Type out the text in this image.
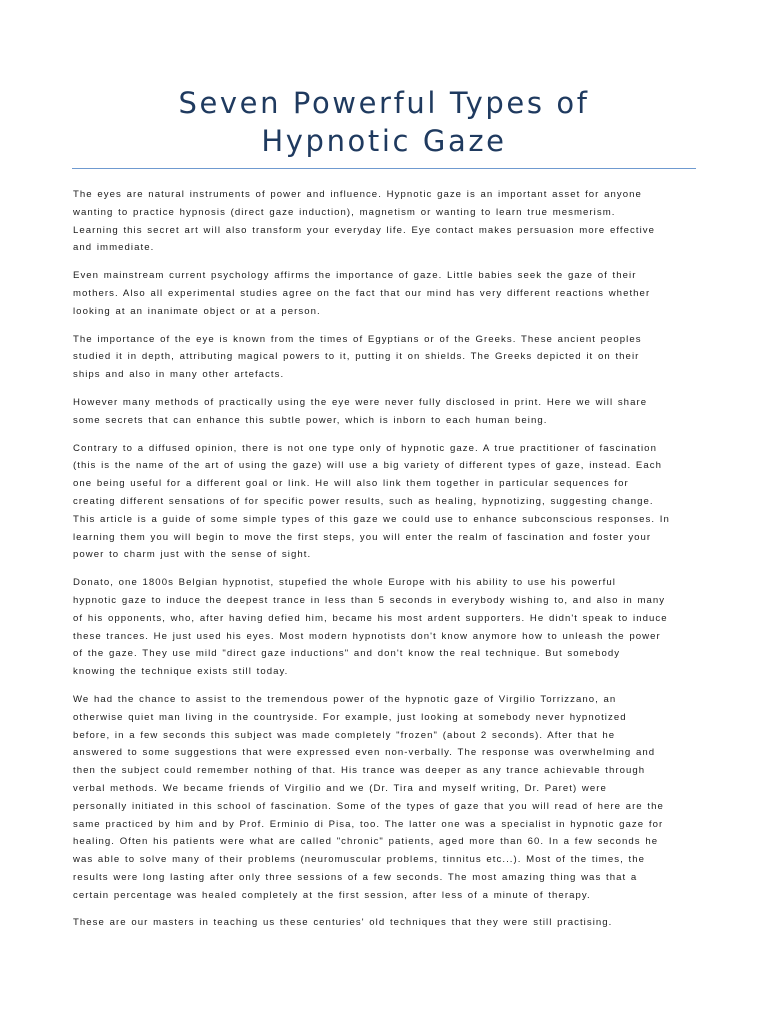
Seven Powerful Types of
Hypnotic Gaze

The eyes are natural instruments of power and influence. Hypnotic gaze is an important asset for anyone
wanting to practice hypnosis (direct gaze induction), magnetism or wanting to learn true mesmerism.
Learning this secret art will also transform your everyday life. Eye contact makes persuasion more effective
and immediate.

Even mainstream current psychology affirms the importance of gaze. Little babies seek the gaze of their
mothers. Also all experimental studies agree on the fact that our mind has very different reactions whether
looking at an inanimate object or at a person.

The importance of the eye is known from the times of Egyptians or of the Greeks. These ancient peoples
studied it in depth, attributing magical powers to it, putting it on shields. The Greeks depicted it on their
ships and also in many other artefacts.

However many methods of practically using the eye were never fully disclosed in print. Here we will share
some secrets that can enhance this subtle power, which is inborn to each human being.

Contrary to a diffused opinion, there is not one type only of hypnotic gaze. A true practitioner of fascination
(this is the name of the art of using the gaze) will use a big variety of different types of gaze, instead. Each
one being useful for a different goal or link. He will also link them together in particular sequences for
creating different sensations of for specific power results, such as healing, hypnotizing, suggesting change.
This article is a guide of some simple types of this gaze we could use to enhance subconscious responses. In
learning them you will begin to move the first steps, you will enter the realm of fascination and foster your
power to charm just with the sense of sight.

Donato, one 1800s Belgian hypnotist, stupefied the whole Europe with his ability to use his powerful
hypnotic gaze to induce the deepest trance in less than 5 seconds in everybody wishing to, and also in many
of his opponents, who, after having defied him, became his most ardent supporters. He didn't speak to induce
these trances. He just used his eyes. Most modern hypnotists don't know anymore how to unleash the power
of the gaze. They use mild "direct gaze inductions" and don't know the real technique. But somebody
knowing the technique exists still today.

We had the chance to assist to the tremendous power of the hypnotic gaze of Virgilio Torrizzano, an
otherwise quiet man living in the countryside. For example, just looking at somebody never hypnotized
before, in a few seconds this subject was made completely "frozen" (about 2 seconds). After that he
answered to some suggestions that were expressed even non-verbally. The response was overwhelming and
then the subject could remember nothing of that. His trance was deeper as any trance achievable through
verbal methods. We became friends of Virgilio and we (Dr. Tira and myself writing, Dr. Paret) were
personally initiated in this school of fascination. Some of the types of gaze that you will read of here are the
same practiced by him and by Prof. Erminio di Pisa, too. The latter one was a specialist in hypnotic gaze for
healing. Often his patients were what are called "chronic" patients, aged more than 60. In a few seconds he
was able to solve many of their problems (neuromuscular problems, tinnitus etc...). Most of the times, the
results were long lasting after only three sessions of a few seconds. The most amazing thing was that a
certain percentage was healed completely at the first session, after less of a minute of therapy.

These are our masters in teaching us these centuries' old techniques that they were still practising.
